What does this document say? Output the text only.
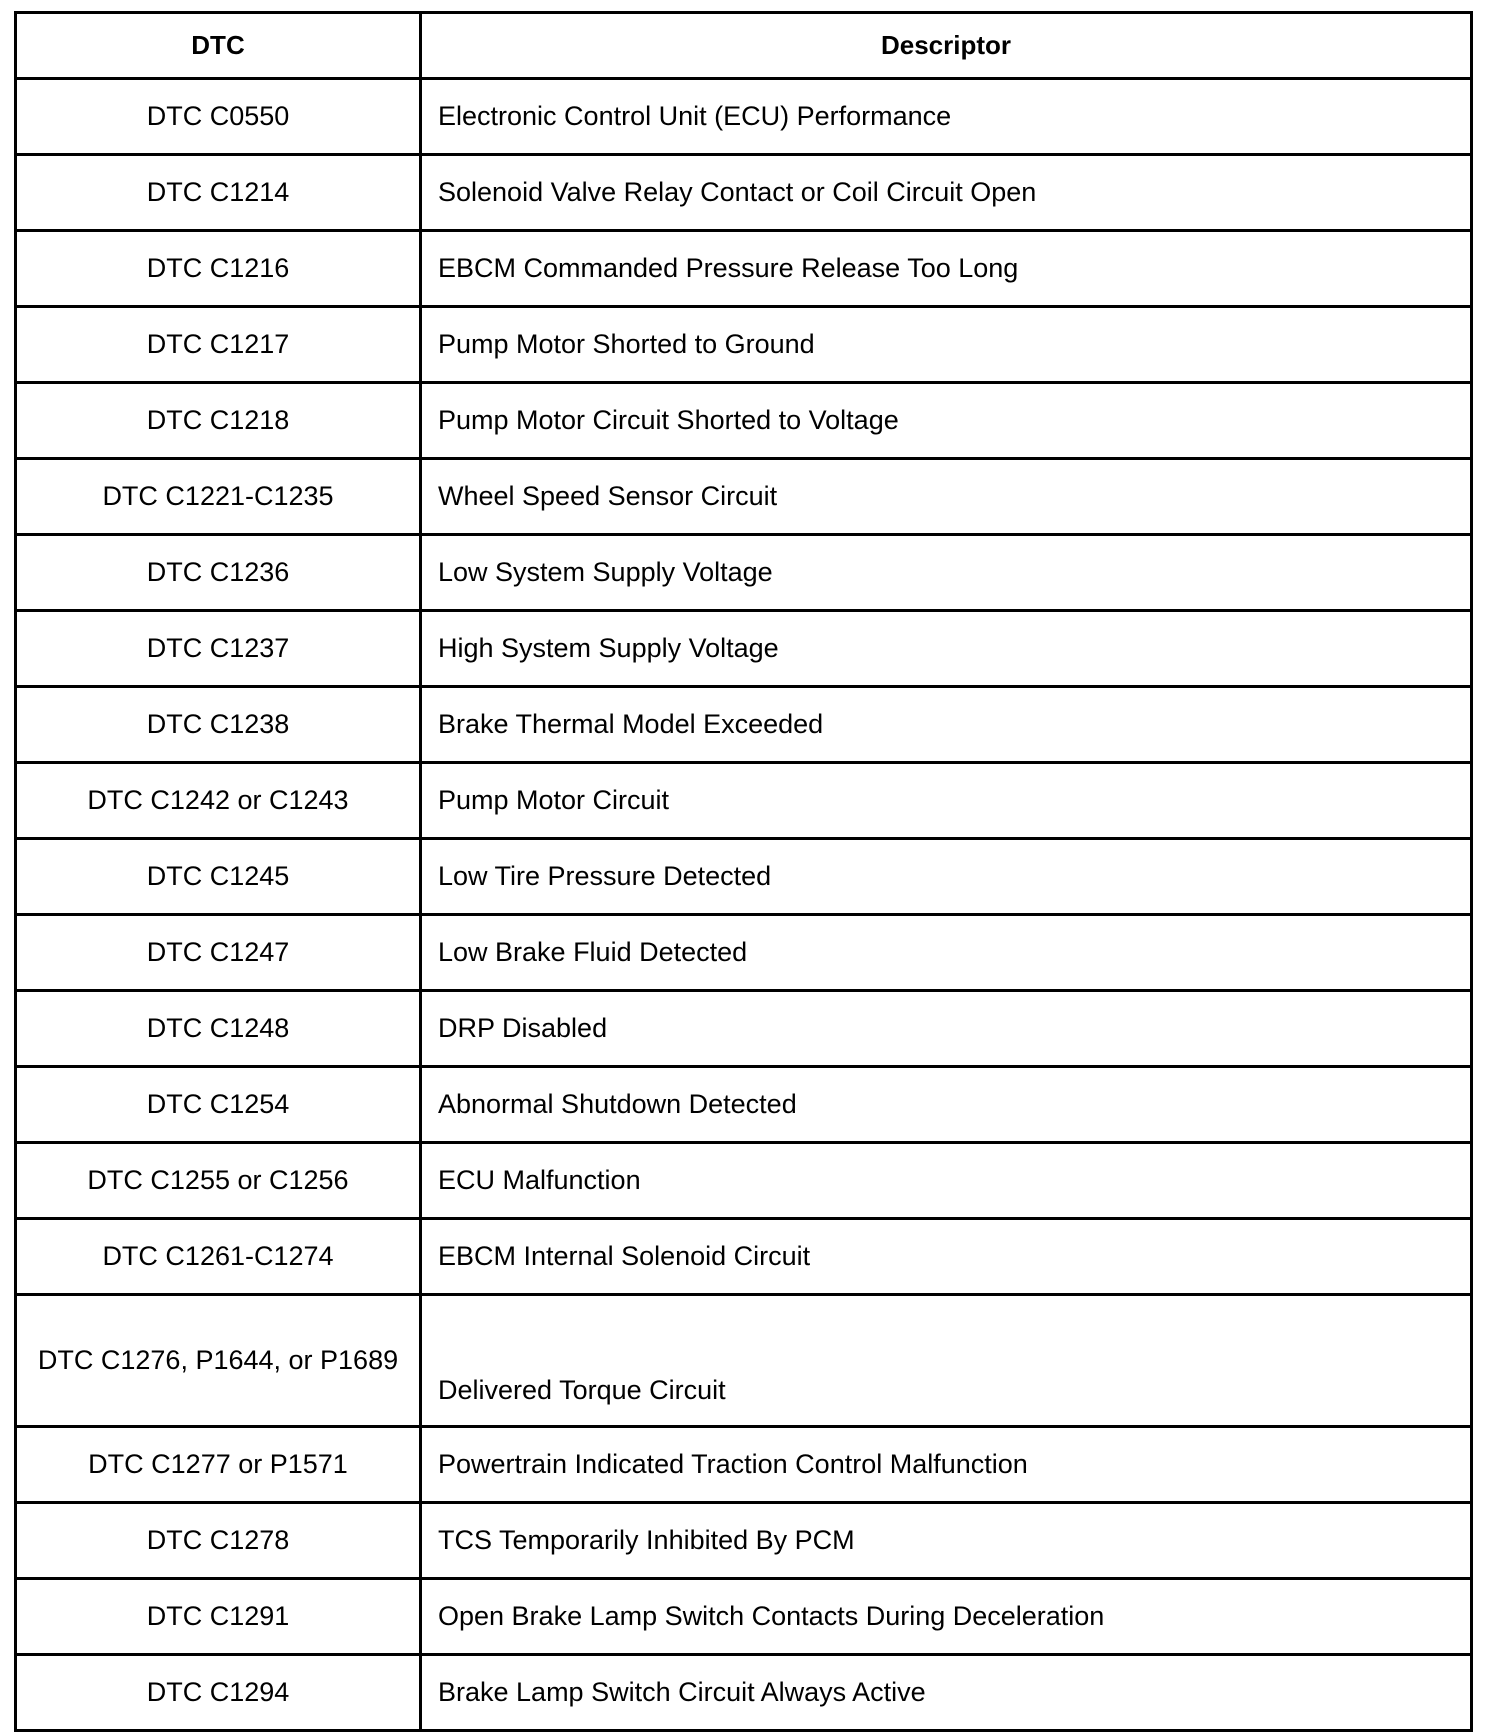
DTC	Descriptor
DTC C0550	Electronic Control Unit (ECU) Performance
DTC C1214	Solenoid Valve Relay Contact or Coil Circuit Open
DTC C1216	EBCM Commanded Pressure Release Too Long
DTC C1217	Pump Motor Shorted to Ground
DTC C1218	Pump Motor Circuit Shorted to Voltage
DTC C1221-C1235	Wheel Speed Sensor Circuit
DTC C1236	Low System Supply Voltage
DTC C1237	High System Supply Voltage
DTC C1238	Brake Thermal Model Exceeded
DTC C1242 or C1243	Pump Motor Circuit
DTC C1245	Low Tire Pressure Detected
DTC C1247	Low Brake Fluid Detected
DTC C1248	DRP Disabled
DTC C1254	Abnormal Shutdown Detected
DTC C1255 or C1256	ECU Malfunction
DTC C1261-C1274	EBCM Internal Solenoid Circuit
DTC C1276, P1644, or P1689	Delivered Torque Circuit
DTC C1277 or P1571	Powertrain Indicated Traction Control Malfunction
DTC C1278	TCS Temporarily Inhibited By PCM
DTC C1291	Open Brake Lamp Switch Contacts During Deceleration
DTC C1294	Brake Lamp Switch Circuit Always Active
